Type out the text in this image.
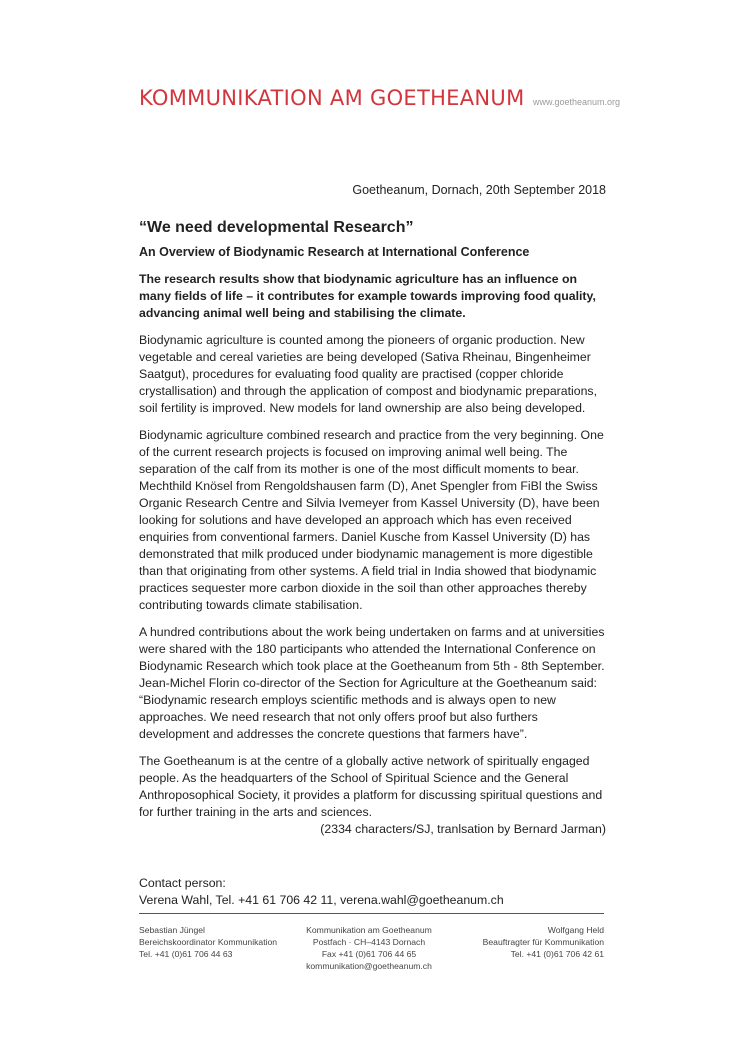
KOMMUNIKATION AM GOETHEANUM www.goetheanum.org
Goetheanum, Dornach, 20th September 2018
“We need developmental Research”
An Overview of Biodynamic Research at International Conference

The research results show that biodynamic agriculture has an influence on many fields of life – it contributes for example towards improving food quality, advancing animal well being and stabilising the climate.

Biodynamic agriculture is counted among the pioneers of organic production. New vegetable and cereal varieties are being developed (Sativa Rheinau, Bingenheimer Saatgut), procedures for evaluating food quality are practised (copper chloride crystallisation) and through the application of compost and biodynamic preparations, soil fertility is improved. New models for land ownership are also being developed.

Biodynamic agriculture combined research and practice from the very beginning. One of the current research projects is focused on improving animal well being. The separation of the calf from its mother is one of the most difficult moments to bear. Mechthild Knösel from Rengoldshausen farm (D), Anet Spengler from FiBl the Swiss Organic Research Centre and Silvia Ivemeyer from Kassel University (D), have been looking for solutions and have developed an approach which has even received enquiries from conventional farmers. Daniel Kusche from Kassel University (D) has demonstrated that milk produced under biodynamic management is more digestible than that originating from other systems. A field trial in India showed that biodynamic practices sequester more carbon dioxide in the soil than other approaches thereby contributing towards climate stabilisation.

A hundred contributions about the work being undertaken on farms and at universities were shared with the 180 participants who attended the International Conference on Biodynamic Research which took place at the Goetheanum from 5th - 8th September. Jean-Michel Florin co-director of the Section for Agriculture at the Goetheanum said: “Biodynamic research employs scientific methods and is always open to new approaches. We need research that not only offers proof but also furthers development and addresses the concrete questions that farmers have”.

The Goetheanum is at the centre of a globally active network of spiritually engaged people. As the headquarters of the School of Spiritual Science and the General Anthroposophical Society, it provides a platform for discussing spiritual questions and for further training in the arts and sciences.

(2334 characters/SJ, tranlsation by Bernard Jarman)
Contact person:
Verena Wahl, Tel. +41 61 706 42 11, verena.wahl@goetheanum.ch
Sebastian Jüngel
Bereichskoordinator Kommunikation
Tel. +41 (0)61 706 44 63
Kommunikation am Goetheanum
Postfach · CH–4143 Dornach
Fax +41 (0)61 706 44 65
kommunikation@goetheanum.ch
Wolfgang Held
Beauftragter für Kommunikation
Tel. +41 (0)61 706 42 61
